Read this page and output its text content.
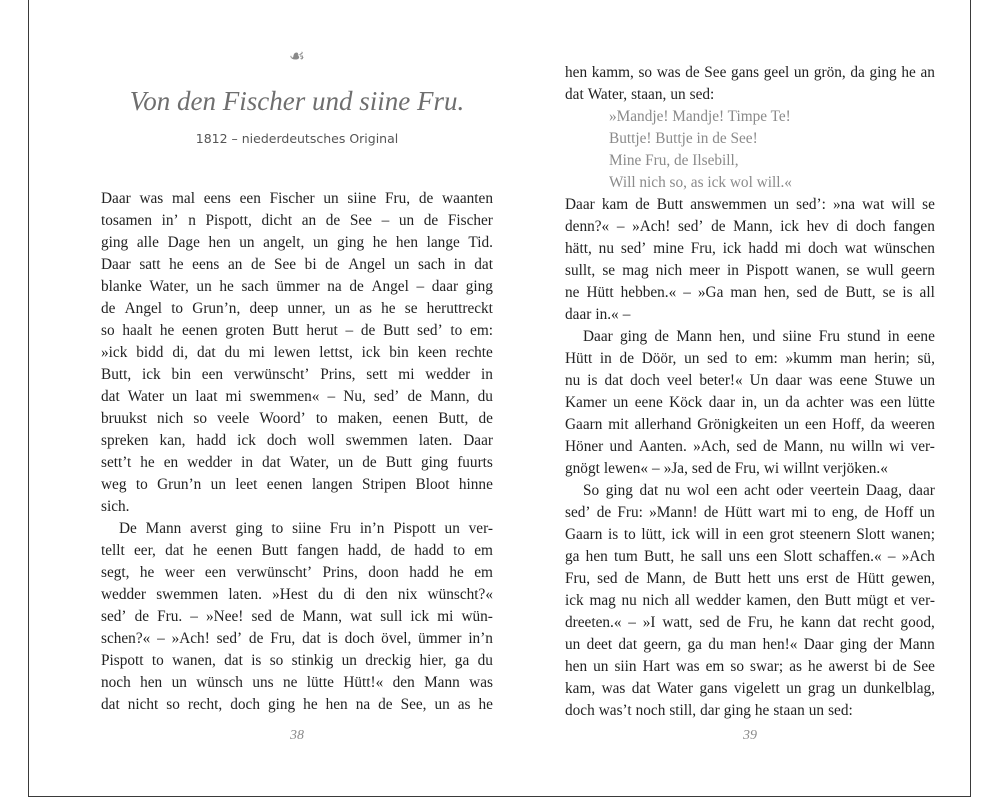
☙
Von den Fischer und siine Fru.
1812 – niederdeutsches Original
Daar was mal eens een Fischer un siine Fru, de waanten
tosamen in’ n Pispott, dicht an de See – un de Fischer
ging alle Dage hen un angelt, un ging he hen lange Tid.
Daar satt he eens an de See bi de Angel un sach in dat
blanke Water, un he sach ümmer na de Angel – daar ging
de Angel to Grun’n, deep unner, un as he se heruttreckt
so haalt he eenen groten Butt herut – de Butt sed’ to em:
»ick bidd di, dat du mi lewen lettst, ick bin keen rechte
Butt, ick bin een verwünscht’ Prins, sett mi wedder in
dat Water un laat mi swemmen« – Nu, sed’ de Mann, du
bruukst nich so veele Woord’ to maken, eenen Butt, de
spreken kan, hadd ick doch woll swemmen laten. Daar
sett’t he en wedder in dat Water, un de Butt ging fuurts
weg to Grun’n un leet eenen langen Stripen Bloot hinne
sich.
De Mann averst ging to siine Fru in’n Pispott un ver-
tellt eer, dat he eenen Butt fangen hadd, de hadd to em
segt, he weer een verwünscht’ Prins, doon hadd he em
wedder swemmen laten. »Hest du di den nix wünscht?«
sed’ de Fru. – »Nee! sed de Mann, wat sull ick mi wün-
schen?« – »Ach! sed’ de Fru, dat is doch övel, ümmer in’n
Pispott to wanen, dat is so stinkig un dreckig hier, ga du
noch hen un wünsch uns ne lütte Hütt!« den Mann was
dat nicht so recht, doch ging he hen na de See, un as he
38
hen kamm, so was de See gans geel un grön, da ging he an
dat Water, staan, un sed:
»Mandje! Mandje! Timpe Te!
Buttje! Buttje in de See!
Mine Fru, de Ilsebill,
Will nich so, as ick wol will.«
Daar kam de Butt answemmen un sed’: »na wat will se
denn?« – »Ach! sed’ de Mann, ick hev di doch fangen
hätt, nu sed’ mine Fru, ick hadd mi doch wat wünschen
sullt, se mag nich meer in Pispott wanen, se wull geern
ne Hütt hebben.« – »Ga man hen, sed de Butt, se is all
daar in.« –
Daar ging de Mann hen, und siine Fru stund in eene
Hütt in de Döör, un sed to em: »kumm man herin; sü,
nu is dat doch veel beter!« Un daar was eene Stuwe un
Kamer un eene Köck daar in, un da achter was een lütte
Gaarn mit allerhand Grönigkeiten un een Hoff, da weeren
Höner und Aanten. »Ach, sed de Mann, nu willn wi ver-
gnögt lewen« – »Ja, sed de Fru, wi willnt verjöken.«
So ging dat nu wol een acht oder veertein Daag, daar
sed’ de Fru: »Mann! de Hütt wart mi to eng, de Hoff un
Gaarn is to lütt, ick will in een grot steenern Slott wanen;
ga hen tum Butt, he sall uns een Slott schaffen.« – »Ach
Fru, sed de Mann, de Butt hett uns erst de Hütt gewen,
ick mag nu nich all wedder kamen, den Butt mügt et ver-
dreeten.« – »I watt, sed de Fru, he kann dat recht good,
un deet dat geern, ga du man hen!« Daar ging der Mann
hen un siin Hart was em so swar; as he awerst bi de See
kam, was dat Water gans vigelett un grag un dunkelblag,
doch was’t noch still, dar ging he staan un sed:
39
